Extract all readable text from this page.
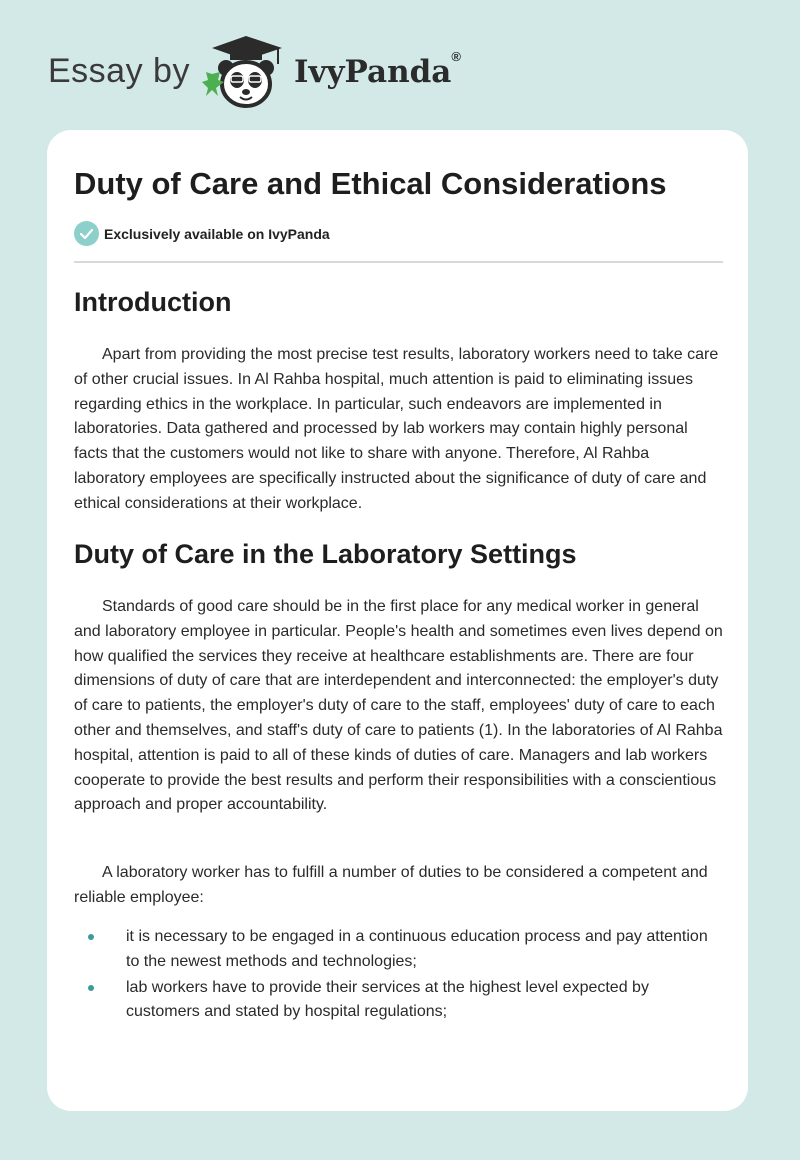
Essay by	IvyPanda®
Duty of Care and Ethical Considerations
Exclusively available on IvyPanda
Introduction

Apart from providing the most precise test results, laboratory workers need to take care of other crucial issues. In Al Rahba hospital, much attention is paid to eliminating issues regarding ethics in the workplace. In particular, such endeavors are implemented in laboratories. Data gathered and processed by lab workers may contain highly personal facts that the customers would not like to share with anyone. Therefore, Al Rahba laboratory employees are specifically instructed about the significance of duty of care and ethical considerations at their workplace.

Duty of Care in the Laboratory Settings

Standards of good care should be in the first place for any medical worker in general and laboratory employee in particular. People's health and sometimes even lives depend on how qualified the services they receive at healthcare establishments are. There are four dimensions of duty of care that are interdependent and interconnected: the employer's duty of care to patients, the employer's duty of care to the staff, employees' duty of care to each other and themselves, and staff's duty of care to patients (1). In the laboratories of Al Rahba hospital, attention is paid to all of these kinds of duties of care. Managers and lab workers cooperate to provide the best results and perform their responsibilities with a conscientious approach and proper accountability.

A laboratory worker has to fulfill a number of duties to be considered a competent and reliable employee:

it is necessary to be engaged in a continuous education process and pay attention to the newest methods and technologies;
lab workers have to provide their services at the highest level expected by customers and stated by hospital regulations;
